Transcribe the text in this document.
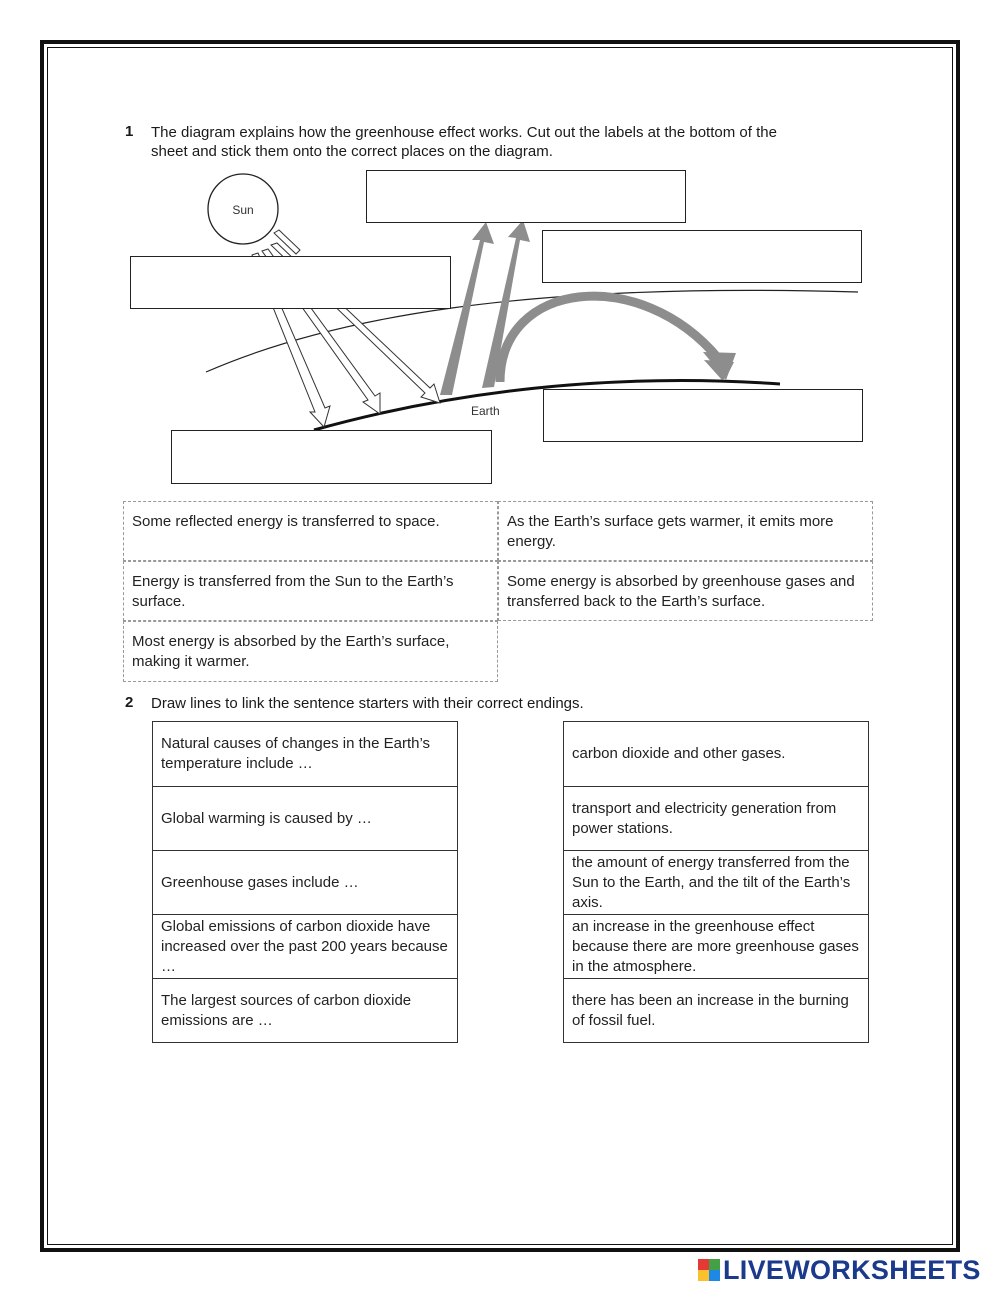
1 The diagram explains how the greenhouse effect works. Cut out the labels at the bottom of the
sheet and stick them onto the correct places on the diagram.
Sun
Earth
Some reflected energy is transferred to space.	As the Earth’s surface gets warmer, it emits more energy.
Energy is transferred from the Sun to the Earth’s surface.
Some energy is absorbed by greenhouse gases and transferred back to the Earth’s surface.
Most energy is absorbed by the Earth’s surface, making it warmer.
2 Draw lines to link the sentence starters with their correct endings.
Natural causes of changes in the Earth’s temperature include …
Global warming is caused by …
Greenhouse gases include …
Global emissions of carbon dioxide have increased over the past 200 years because …
The largest sources of carbon dioxide emissions are …
carbon dioxide and other gases.
transport and electricity generation from power stations.
the amount of energy transferred from the Sun to the Earth, and the tilt of the Earth’s axis.
an increase in the greenhouse effect because there are more greenhouse gases in the atmosphere.
there has been an increase in the burning of fossil fuel.
LIVEWORKSHEETS
